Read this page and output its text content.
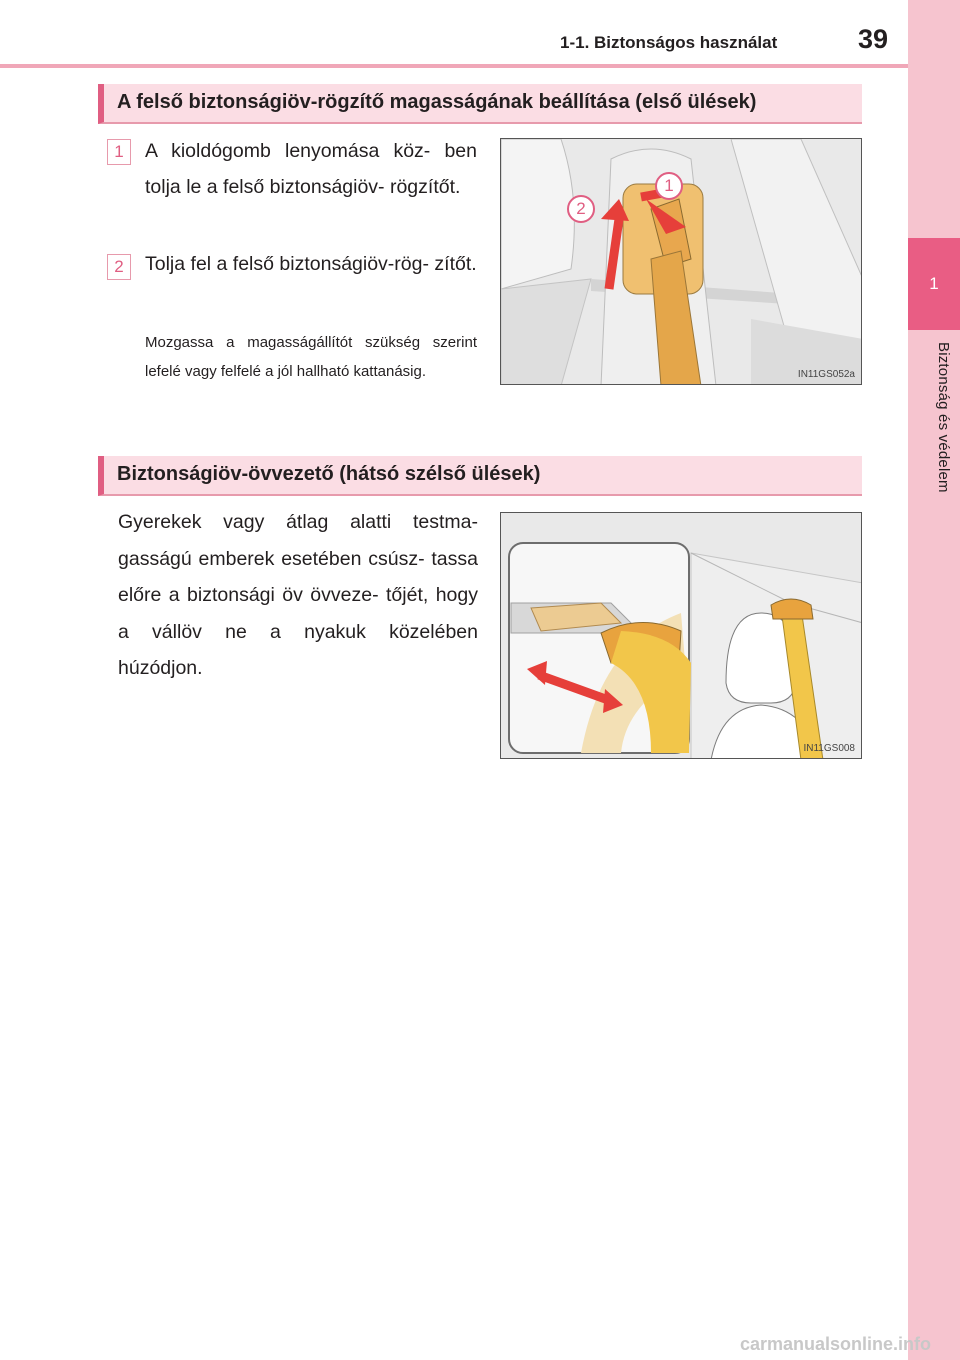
1
Biztonság és védelem
1-1. Biztonságos használat	39
A felső biztonságiöv-rögzítő magasságának beállítása (első ülések)
1	A kioldógomb lenyomása köz- ben tolja le a felső biztonságiöv- rögzítőt.
2	Tolja fel a felső biztonságiöv-rög- zítőt.
Mozgassa a magasságállítót szükség szerint lefelé vagy felfelé a jól hallható kattanásig.
1
2
IN11GS052a
Biztonságiöv-övvezető (hátsó szélső ülések)
Gyerekek vagy átlag alatti testma- gasságú emberek esetében csúsz- tassa előre a biztonsági öv övveze- tőjét, hogy a vállöv ne a nyakuk közelében húzódjon.
IN11GS008
carmanualsonline.info
